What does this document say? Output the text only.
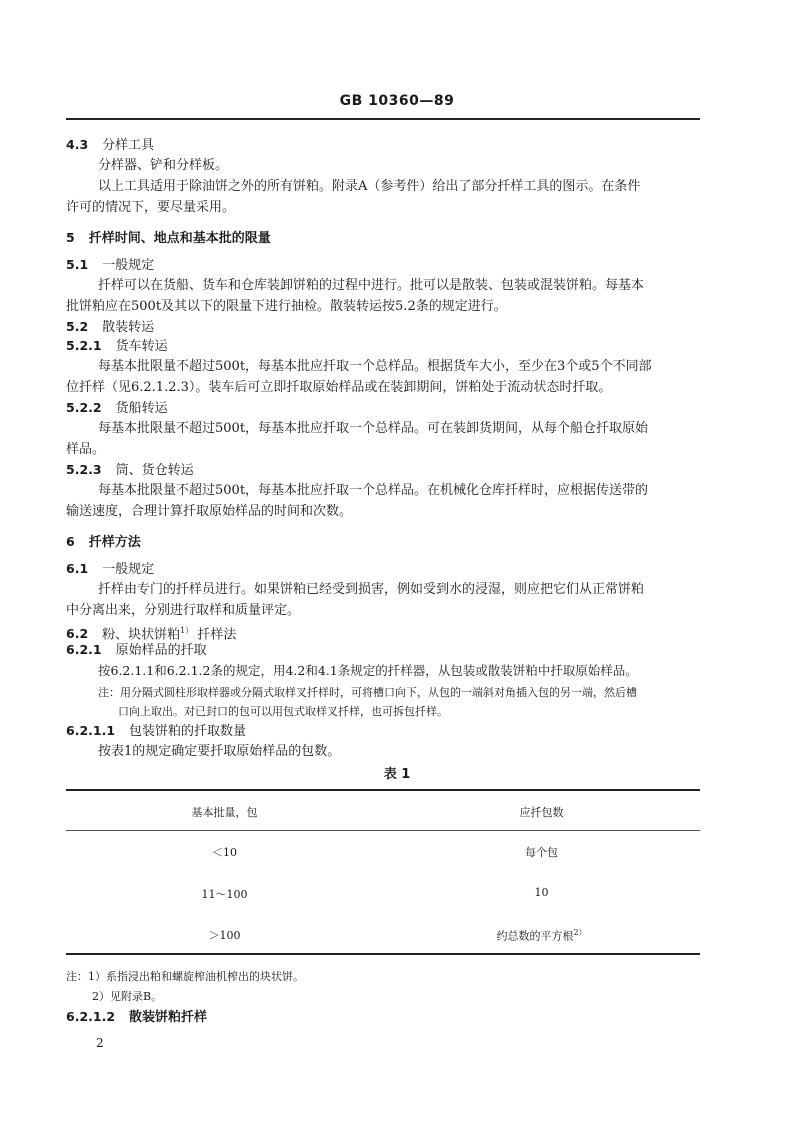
GB 10360—89
4.3 分样工具
分样器、铲和分样板。
以上工具适用于除油饼之外的所有饼粕。附录A（参考件）给出了部分扦样工具的图示。在条件
许可的情况下，要尽量采用。
5 扦样时间、地点和基本批的限量
5.1 一般规定
扦样可以在货船、货车和仓库装卸饼粕的过程中进行。批可以是散装、包装或混装饼粕。每基本
批饼粕应在500t及其以下的限量下进行抽检。散装转运按5.2条的规定进行。
5.2 散装转运
5.2.1 货车转运
每基本批限量不超过500t，每基本批应扦取一个总样品。根据货车大小，至少在3个或5个不同部
位扦样（见6.2.1.2.3）。装车后可立即扦取原始样品或在装卸期间，饼粕处于流动状态时扦取。
5.2.2 货船转运
每基本批限量不超过500t，每基本批应扦取一个总样品。可在装卸货期间，从每个船仓扦取原始
样品。
5.2.3 筒、货仓转运
每基本批限量不超过500t，每基本批应扦取一个总样品。在机械化仓库扦样时，应根据传送带的
输送速度，合理计算扦取原始样品的时间和次数。
6 扦样方法
6.1 一般规定
扦样由专门的扦样员进行。如果饼粕已经受到损害，例如受到水的浸湿，则应把它们从正常饼粕
中分离出来，分别进行取样和质量评定。
6.2 粉、块状饼粕$^{1)}$ 扦样法
6.2.1 原始样品的扦取
按6.2.1.1和6.2.1.2条的规定，用4.2和4.1条规定的扦样器，从包装或散装饼粕中扦取原始样品。
注：用分隔式圆柱形取样器或分隔式取样叉扦样时，可将槽口向下，从包的一端斜对角插入包的另一端，然后槽
口向上取出。对已封口的包可以用包式取样叉扦样，也可拆包扦样。
6.2.1.1 包装饼粕的扦取数量
按表1的规定确定要扦取原始样品的包数。
表 1
基本批量，包	应扦包数
＜10	每个包
11～100	10
＞100	约总数的平方根$^{2)}$
注：1）系指浸出粕和螺旋榨油机榨出的块状饼。
2）见附录B。
6.2.1.2 散装饼粕扦样
2
